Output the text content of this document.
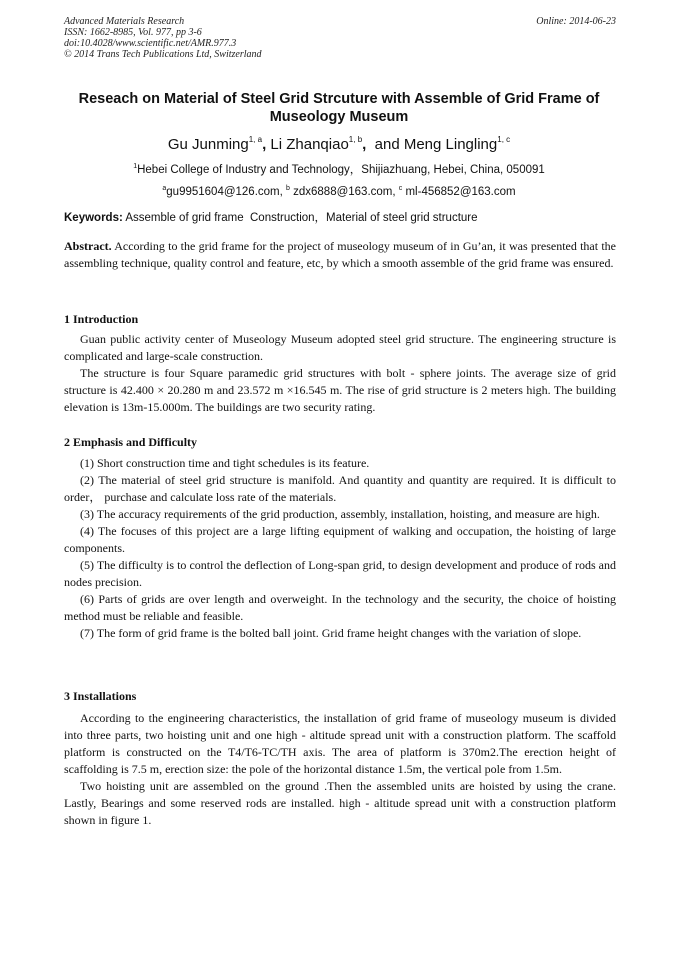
Advanced Materials Research
ISSN: 1662-8985, Vol. 977, pp 3-6
doi:10.4028/www.scientific.net/AMR.977.3
© 2014 Trans Tech Publications Ltd, Switzerland
Online: 2014-06-23
Reseach on Material of Steel Grid Strcuture with Assemble of Grid Frame of Museology Museum
Gu Junming$^{1, a}$, Li Zhanqiao$^{1, b}$,  and Meng Lingling$^{1, c}$
$^1$Hebei College of Industry and Technology，Shijiazhuang, Hebei, China, 050091
$^a$gu9951604@126.com, $^b$ zdx6888@163.com, $^c$ ml-456852@163.com
Keywords: Assemble of grid frame  Construction，Material of steel grid structure
Abstract. According to the grid frame for the project of museology museum of in Gu’an, it was presented that the assembling technique, quality control and feature, etc, by which a smooth assemble of the grid frame was ensured.
1 Introduction

Guan public activity center of Museology Museum adopted steel grid structure. The engineering structure is complicated and large-scale construction.

The structure is four Square paramedic grid structures with bolt - sphere joints. The average size of grid structure is 42.400 × 20.280 m and 23.572 m ×16.545 m. The rise of grid structure is 2 meters high. The building elevation is 13m-15.000m. The buildings are two security rating.

2 Emphasis and Difficulty

(1) Short construction time and tight schedules is its feature.

(2) The material of steel grid structure is manifold. And quantity and quantity are required. It is difficult to order， purchase and calculate loss rate of the materials.

(3) The accuracy requirements of the grid production, assembly, installation, hoisting, and measure are high.

(4) The focuses of this project are a large lifting equipment of walking and occupation, the hoisting of large components.

(5) The difficulty is to control the deflection of Long-span grid, to design development and produce of rods and nodes precision.

(6) Parts of grids are over length and overweight. In the technology and the security, the choice of hoisting method must be reliable and feasible.

(7) The form of grid frame is the bolted ball joint. Grid frame height changes with the variation of slope.

3 Installations

According to the engineering characteristics, the installation of grid frame of museology museum is divided into three parts, two hoisting unit and one high - altitude spread unit with a construction platform. The scaffold platform is constructed on the T4/T6-TC/TH axis. The area of platform is 370m2.The erection height of scaffolding is 7.5 m, erection size: the pole of the horizontal distance 1.5m, the vertical pole from 1.5m.

Two hoisting unit are assembled on the ground .Then the assembled units are hoisted by using the crane. Lastly, Bearings and some reserved rods are installed. high - altitude spread unit with a construction platform shown in figure 1.
